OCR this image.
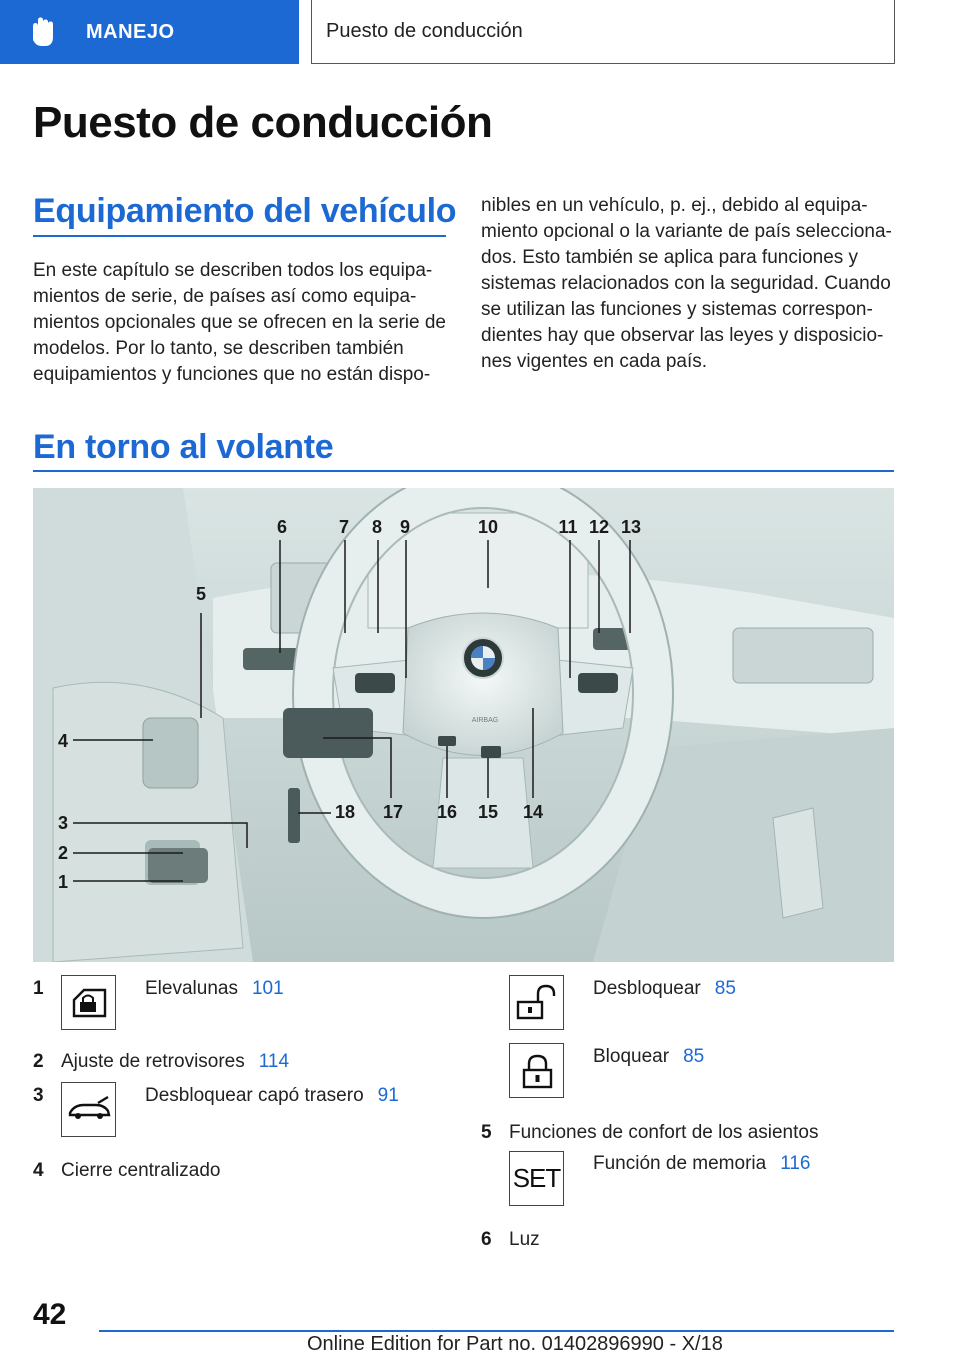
MANEJO	Puesto de conducción
Puesto de conducción
Equipamiento del vehículo
En este capítulo se describen todos los equipa-
mientos de serie, de países así como equipa-
mientos opcionales que se ofrecen en la serie de
modelos. Por lo tanto, se describen también
equipamientos y funciones que no están dispo-
nibles en un vehículo, p. ej., debido al equipa-
miento opcional o la variante de país selecciona-
dos. Esto también se aplica para funciones y
sistemas relacionados con la seguridad. Cuando
se utilizan las funciones y sistemas correspon-
dientes hay que observar las leyes y disposicio-
nes vigentes en cada país.
En torno al volante
AIRBAG
5
4
3
2
1
6	7 8 9	10	11 12 13
14
15
16
17
18
1	Elevalunas 101
2 Ajuste de retrovisores 114
3	Desbloquear capó trasero 91
4 Cierre centralizado
Desbloquear 85
Bloquear 85
5 Funciones de confort de los asientos
SET Función de memoria 116
6 Luz
42
Online Edition for Part no. 01402896990 - X/18
